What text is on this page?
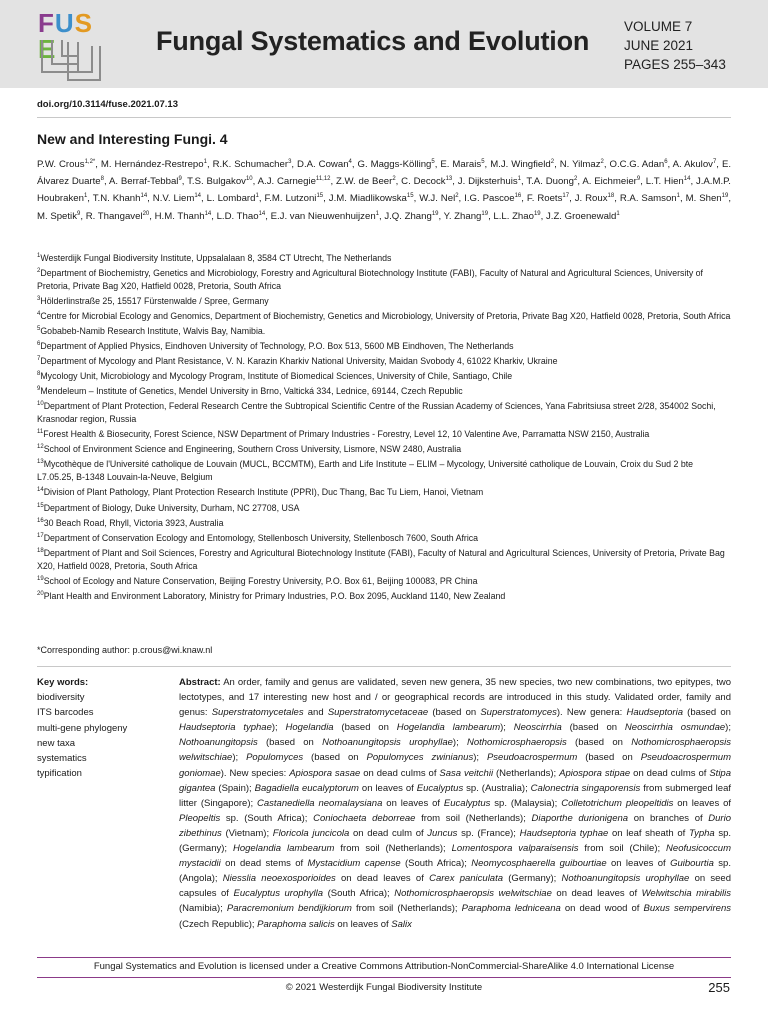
FUSE	Fungal Systematics and Evolution	VOLUME 7
JUNE 2021
PAGES 255–343
doi.org/10.3114/fuse.2021.07.13
New and Interesting Fungi. 4
P.W. Crous$^{1,2*}$, M. Hernández-Restrepo$^1$, R.K. Schumacher$^3$, D.A. Cowan$^4$, G. Maggs-Kölling$^5$, E. Marais$^5$, M.J. Wingfield$^2$, N. Yilmaz$^2$, O.C.G. Adan$^6$, A. Akulov$^7$, E. Álvarez Duarte$^8$, A. Berraf-Tebbal$^9$, T.S. Bulgakov$^{10}$, A.J. Carnegie$^{11,12}$, Z.W. de Beer$^2$, C. Decock$^{13}$, J. Dijksterhuis$^1$, T.A. Duong$^2$, A. Eichmeier$^9$, L.T. Hien$^{14}$, J.A.M.P. Houbraken$^1$, T.N. Khanh$^{14}$, N.V. Liem$^{14}$, L. Lombard$^1$, F.M. Lutzoni$^{15}$, J.M. Miadlikowska$^{15}$, W.J. Nel$^2$, I.G. Pascoe$^{16}$, F. Roets$^{17}$, J. Roux$^{18}$, R.A. Samson$^1$, M. Shen$^{19}$, M. Spetik$^9$, R. Thangavel$^{20}$, H.M. Thanh$^{14}$, L.D. Thao$^{14}$, E.J. van Nieuwenhuijzen$^1$, J.Q. Zhang$^{19}$, Y. Zhang$^{19}$, L.L. Zhao$^{19}$, J.Z. Groenewald$^1$
$^1$Westerdijk Fungal Biodiversity Institute, Uppsalalaan 8, 3584 CT Utrecht, The Netherlands
$^2$Department of Biochemistry, Genetics and Microbiology, Forestry and Agricultural Biotechnology Institute (FABI), Faculty of Natural and Agricultural Sciences, University of Pretoria, Private Bag X20, Hatfield 0028, Pretoria, South Africa
$^3$Hölderlinstraße 25, 15517 Fürstenwalde / Spree, Germany
$^4$Centre for Microbial Ecology and Genomics, Department of Biochemistry, Genetics and Microbiology, University of Pretoria, Private Bag X20, Hatfield 0028, Pretoria, South Africa
$^5$Gobabeb-Namib Research Institute, Walvis Bay, Namibia.
$^6$Department of Applied Physics, Eindhoven University of Technology, P.O. Box 513, 5600 MB Eindhoven, The Netherlands
$^7$Department of Mycology and Plant Resistance, V. N. Karazin Kharkiv National University, Maidan Svobody 4, 61022 Kharkiv, Ukraine
$^8$Mycology Unit, Microbiology and Mycology Program, Institute of Biomedical Sciences, University of Chile, Santiago, Chile
$^9$Mendeleum – Institute of Genetics, Mendel University in Brno, Valtická 334, Lednice, 69144, Czech Republic
$^{10}$Department of Plant Protection, Federal Research Centre the Subtropical Scientific Centre of the Russian Academy of Sciences, Yana Fabritsiusa street 2/28, 354002 Sochi, Krasnodar region, Russia
$^{11}$Forest Health & Biosecurity, Forest Science, NSW Department of Primary Industries - Forestry, Level 12, 10 Valentine Ave, Parramatta NSW 2150, Australia
$^{12}$School of Environment Science and Engineering, Southern Cross University, Lismore, NSW 2480, Australia
$^{13}$Mycothèque de l'Université catholique de Louvain (MUCL, BCCMTM), Earth and Life Institute – ELIM – Mycology, Université catholique de Louvain, Croix du Sud 2 bte L7.05.25, B-1348 Louvain-la-Neuve, Belgium
$^{14}$Division of Plant Pathology, Plant Protection Research Institute (PPRI), Duc Thang, Bac Tu Liem, Hanoi, Vietnam
$^{15}$Department of Biology, Duke University, Durham, NC 27708, USA
$^{16}$30 Beach Road, Rhyll, Victoria 3923, Australia
$^{17}$Department of Conservation Ecology and Entomology, Stellenbosch University, Stellenbosch 7600, South Africa
$^{18}$Department of Plant and Soil Sciences, Forestry and Agricultural Biotechnology Institute (FABI), Faculty of Natural and Agricultural Sciences, University of Pretoria, Private Bag X20, Hatfield 0028, Pretoria, South Africa
$^{19}$School of Ecology and Nature Conservation, Beijing Forestry University, P.O. Box 61, Beijing 100083, PR China
$^{20}$Plant Health and Environment Laboratory, Ministry for Primary Industries, P.O. Box 2095, Auckland 1140, New Zealand
*Corresponding author: p.crous@wi.knaw.nl
Key words:
biodiversity
ITS barcodes
multi-gene phylogeny
new taxa
systematics
typification
Abstract: An order, family and genus are validated, seven new genera, 35 new species, two new combinations, two epitypes, two lectotypes, and 17 interesting new host and / or geographical records are introduced in this study. Validated order, family and genus: Superstratomycetales and Superstratomycetaceae (based on Superstratomyces). New genera: Haudseptoria (based on Haudseptoria typhae); Hogelandia (based on Hogelandia lambearum); Neoscirrhia (based on Neoscirrhia osmundae); Nothoanungitopsis (based on Nothoanungitopsis urophyllae); Nothomicrosphaeropsis (based on Nothomicrosphaeropsis welwitschiae); Populomyces (based on Populomyces zwinianus); Pseudoacrospermum (based on Pseudoacrospermum goniomae). New species: Apiospora sasae on dead culms of Sasa veitchii (Netherlands); Apiospora stipae on dead culms of Stipa gigantea (Spain); Bagadiella eucalyptorum on leaves of Eucalyptus sp. (Australia); Calonectria singaporensis from submerged leaf litter (Singapore); Castanediella neomalaysiana on leaves of Eucalyptus sp. (Malaysia); Colletotrichum pleopeltidis on leaves of Pleopeltis sp. (South Africa); Coniochaeta deborreae from soil (Netherlands); Diaporthe durionigena on branches of Durio zibethinus (Vietnam); Floricola juncicola on dead culm of Juncus sp. (France); Haudseptoria typhae on leaf sheath of Typha sp. (Germany); Hogelandia lambearum from soil (Netherlands); Lomentospora valparaisensis from soil (Chile); Neofusicoccum mystacidii on dead stems of Mystacidium capense (South Africa); Neomycosphaerella guibourtiae on leaves of Guibourtia sp. (Angola); Niesslia neoexosporioides on dead leaves of Carex paniculata (Germany); Nothoanungitopsis urophyllae on seed capsules of Eucalyptus urophylla (South Africa); Nothomicrosphaeropsis welwitschiae on dead leaves of Welwitschia mirabilis (Namibia); Paracremonium bendijkiorum from soil (Netherlands); Paraphoma ledniceana on dead wood of Buxus sempervirens (Czech Republic); Paraphoma salicis on leaves of Salix
Fungal Systematics and Evolution is licensed under a Creative Commons Attribution-NonCommercial-ShareAlike 4.0 International License
© 2021 Westerdijk Fungal Biodiversity Institute	255
